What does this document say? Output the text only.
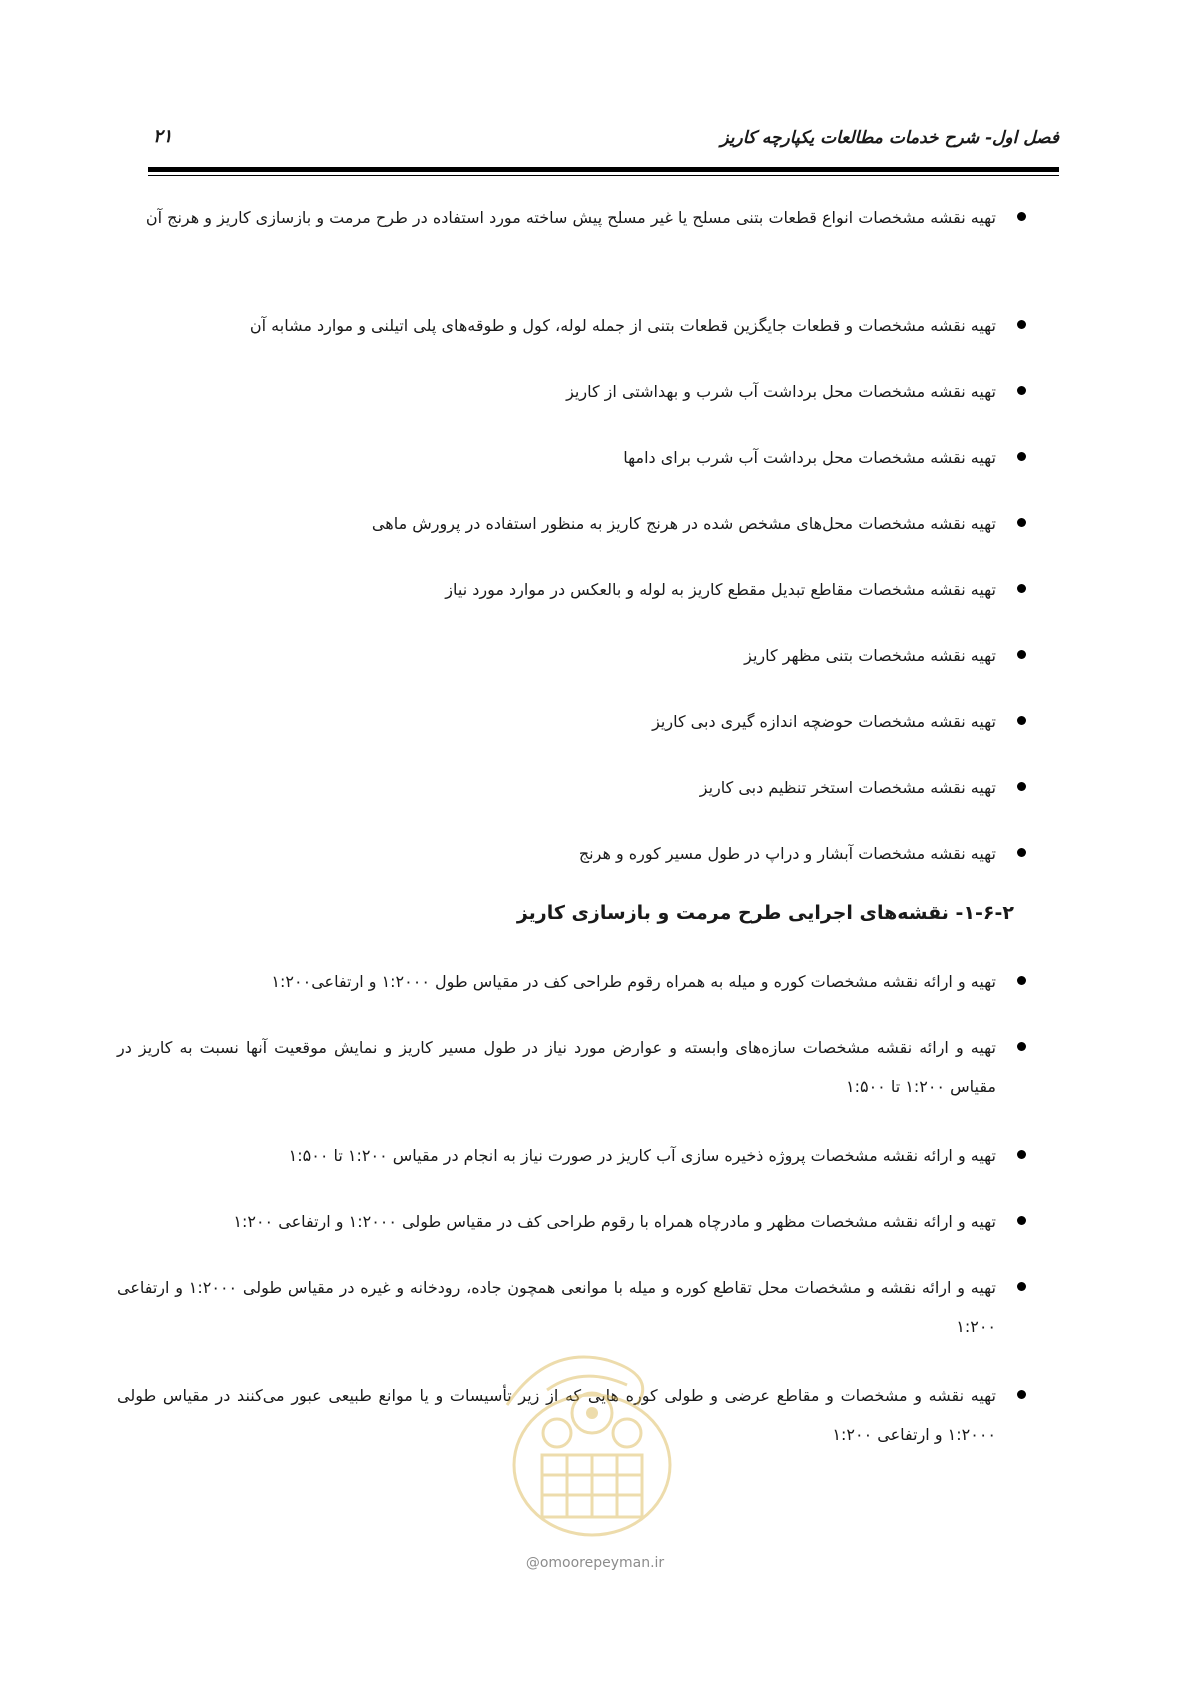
فصل اول- شرح خدمات مطالعات یکپارچه کاریز
۲۱
تهیه نقشه مشخصات انواع قطعات بتنی مسلح یا غیر مسلح پیش ساخته مورد استفاده در طرح مرمت و بازسازی کاریز و هرنج آن
تهیه نقشه مشخصات و قطعات جایگزین قطعات بتنی از جمله لوله، کول و طوقه‌های پلی اتیلنی و موارد مشابه آن
تهیه نقشه مشخصات محل برداشت آب شرب و بهداشتی از کاریز
تهیه نقشه مشخصات محل برداشت آب شرب برای دامها
تهیه نقشه مشخصات محل‌های مشخص شده در هرنج کاریز به منظور استفاده در پرورش ماهی
تهیه نقشه مشخصات مقاطع تبدیل مقطع کاریز به لوله و بالعکس در موارد مورد نیاز
تهیه نقشه مشخصات بتنی مظهر کاریز
تهیه نقشه مشخصات حوضچه اندازه گیری دبی کاریز
تهیه نقشه مشخصات استخر تنظیم دبی کاریز
تهیه نقشه مشخصات آبشار و دراپ در طول مسیر کوره و هرنج
۱-۶-۲- نقشه‌های اجرایی طرح مرمت و بازسازی کاریز
تهیه و ارائه نقشه مشخصات کوره و میله به همراه رقوم طراحی کف در مقیاس طول ۱:۲۰۰۰ و ارتفاعی۱:۲۰۰
تهیه و ارائه نقشه مشخصات سازه‌های وابسته و عوارض مورد نیاز در طول مسیر کاریز و نمایش موقعیت آنها نسبت به کاریز در مقیاس ۱:۲۰۰ تا ۱:۵۰۰
تهیه و ارائه نقشه مشخصات پروژه ذخیره سازی آب کاریز در صورت نیاز به انجام در مقیاس ۱:۲۰۰ تا ۱:۵۰۰
تهیه و ارائه نقشه مشخصات مظهر و مادرچاه همراه با رقوم طراحی کف در مقیاس طولی ۱:۲۰۰۰ و ارتفاعی ۱:۲۰۰
تهیه و ارائه نقشه و مشخصات محل تقاطع کوره و میله با موانعی همچون جاده، رودخانه و غیره در مقیاس طولی ۱:۲۰۰۰ و ارتفاعی ۱:۲۰۰
تهیه نقشه و مشخصات و مقاطع عرضی و طولی کوره هایی که از زیر تأسیسات و یا موانع طبیعی عبور می‌کنند در مقیاس طولی ۱:۲۰۰۰ و ارتفاعی ۱:۲۰۰
@omoorepeyman.ir
